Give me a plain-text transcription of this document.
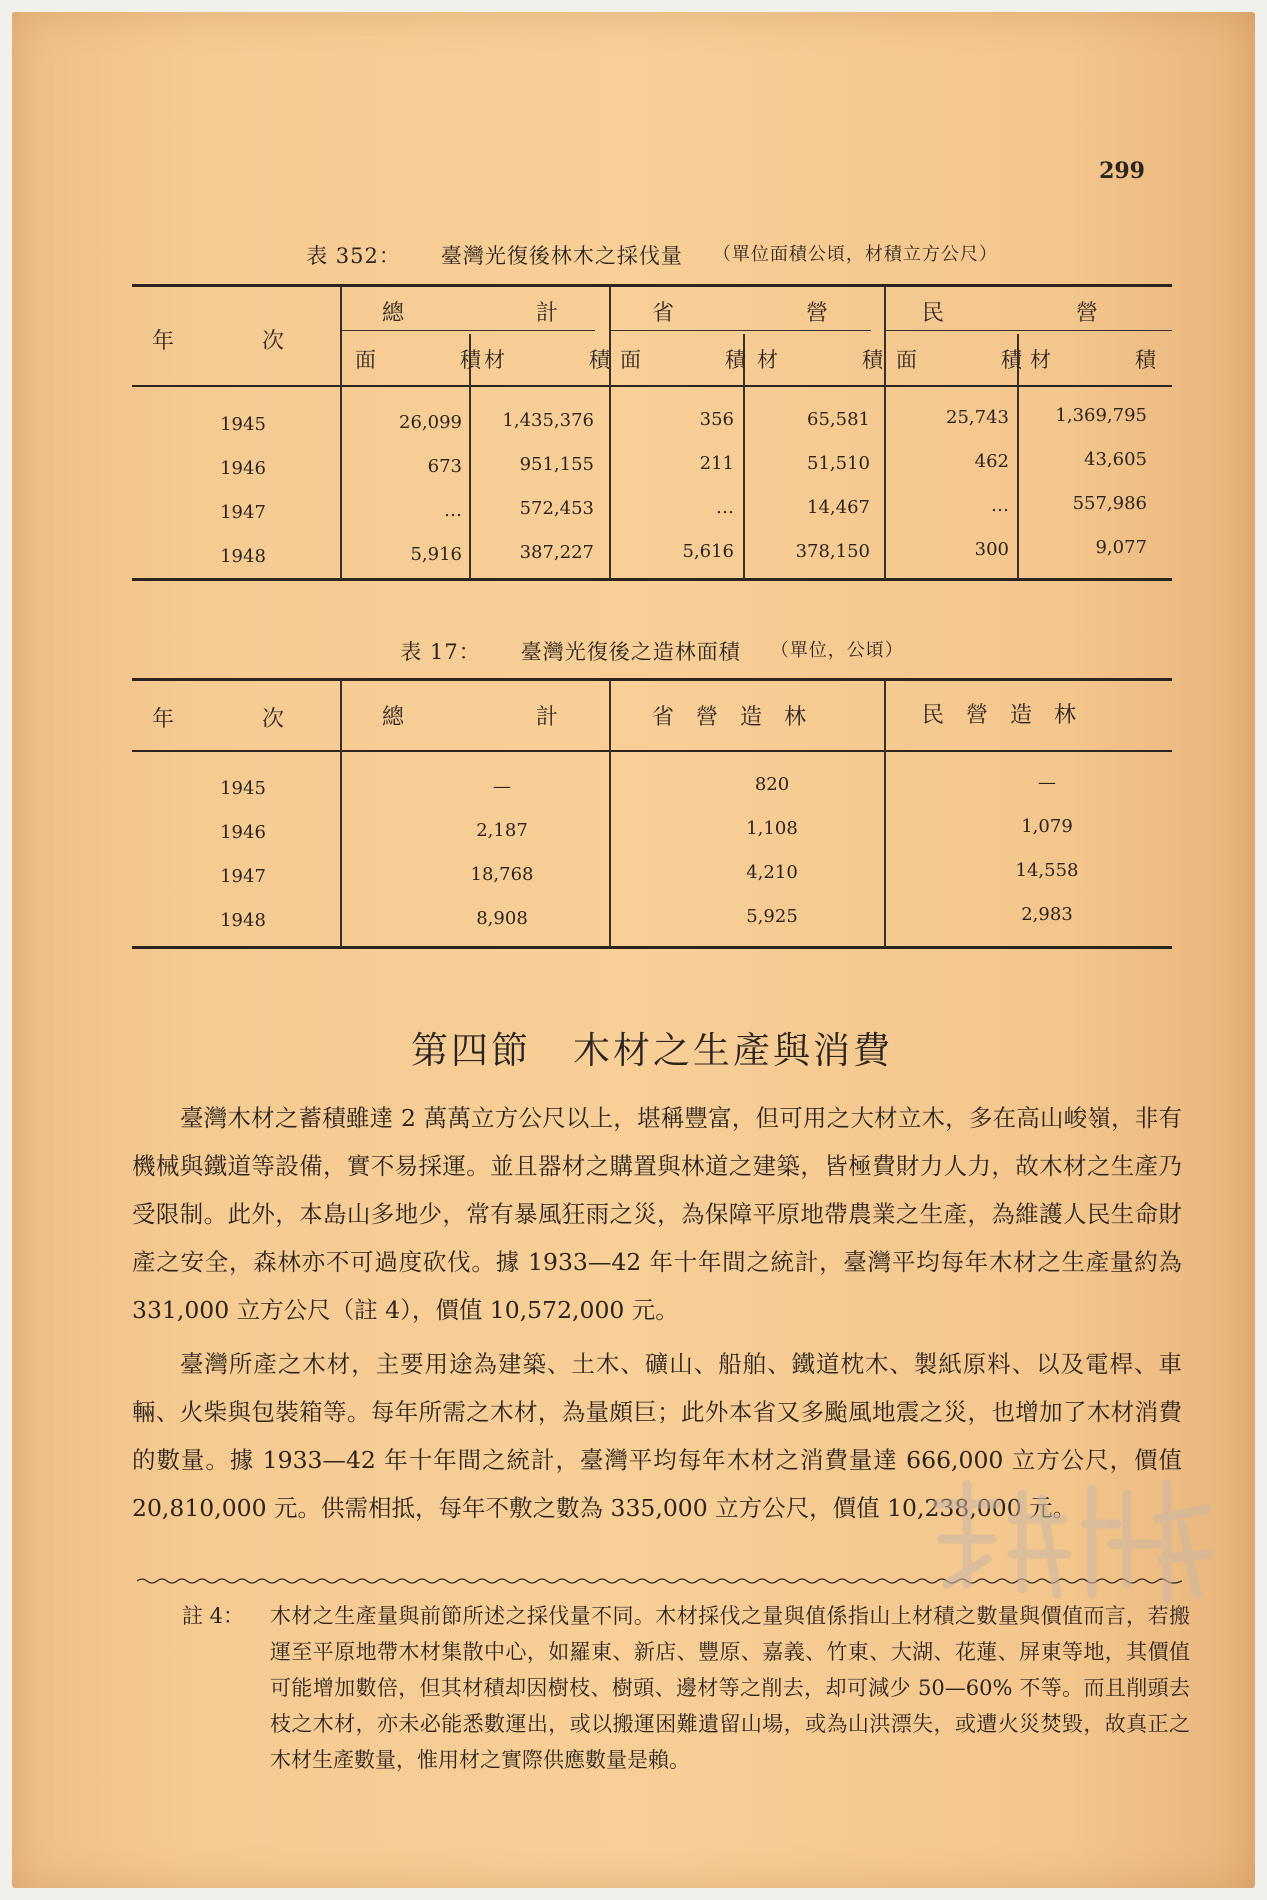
299
表 352： 臺灣光復後林木之採伐量 （單位面積公頃，材積立方公尺）
年　　　　次
總　　　　　　計	省　　　　　　營	民　　　　　　營
面　　　　積 材　　　　積 面　　　　積 材　　　　積 面　　　　積 材　　　　積
1945	26,099	1,435,376	356	65,581	25,743	1,369,795
1946	673	951,155	211	51,510	462	43,605
1947	…	572,453	…	14,467	…	557,986
1948	5,916	387,227	5,616	378,150	300	9,077
表 17： 臺灣光復後之造林面積 （單位，公頃）
年　　　　次	總　　　　　　計	省　營　造　林	民　營　造　林
1945	—	820	—
1946	2,187	1,108	1,079
1947	18,768	4,210	14,558
1948	8,908	5,925	2,983
第四節 木材之生產與消費

臺灣木材之蓄積雖達 2 萬萬立方公尺以上，堪稱豐富，但可用之大材立木，多在高山峻嶺，非有機械與鐵道等設備，實不易採運。並且器材之購置與林道之建築，皆極費財力人力，故木材之生產乃受限制。此外，本島山多地少，常有暴風狂雨之災，為保障平原地帶農業之生產，為維護人民生命財產之安全，森林亦不可過度砍伐。據 1933—42 年十年間之統計，臺灣平均每年木材之生產量約為 331,000 立方公尺（註 4），價值 10,572,000 元。

臺灣所產之木材，主要用途為建築、土木、礦山、船舶、鐵道枕木、製紙原料、以及電桿、車輛、火柴與包裝箱等。每年所需之木材，為量頗巨；此外本省又多颱風地震之災，也增加了木材消費的數量。據 1933—42 年十年間之統計，臺灣平均每年木材之消費量達 666,000 立方公尺，價值 20,810,000 元。供需相抵，每年不敷之數為 335,000 立方公尺，價值 10,238,000 元。

註 4： 木材之生產量與前節所述之採伐量不同。木材採伐之量與值係指山上材積之數量與價值而言，若搬運至平原地帶木材集散中心，如羅東、新店、豐原、嘉義、竹東、大湖、花蓮、屏東等地，其價值可能增加數倍，但其材積却因樹枝、樹頭、邊材等之削去，却可減少 50—60% 不等。而且削頭去枝之木材，亦未必能悉數運出，或以搬運困難遺留山場，或為山洪漂失，或遭火災焚毀，故真正之木材生產數量，惟用材之實際供應數量是賴。
